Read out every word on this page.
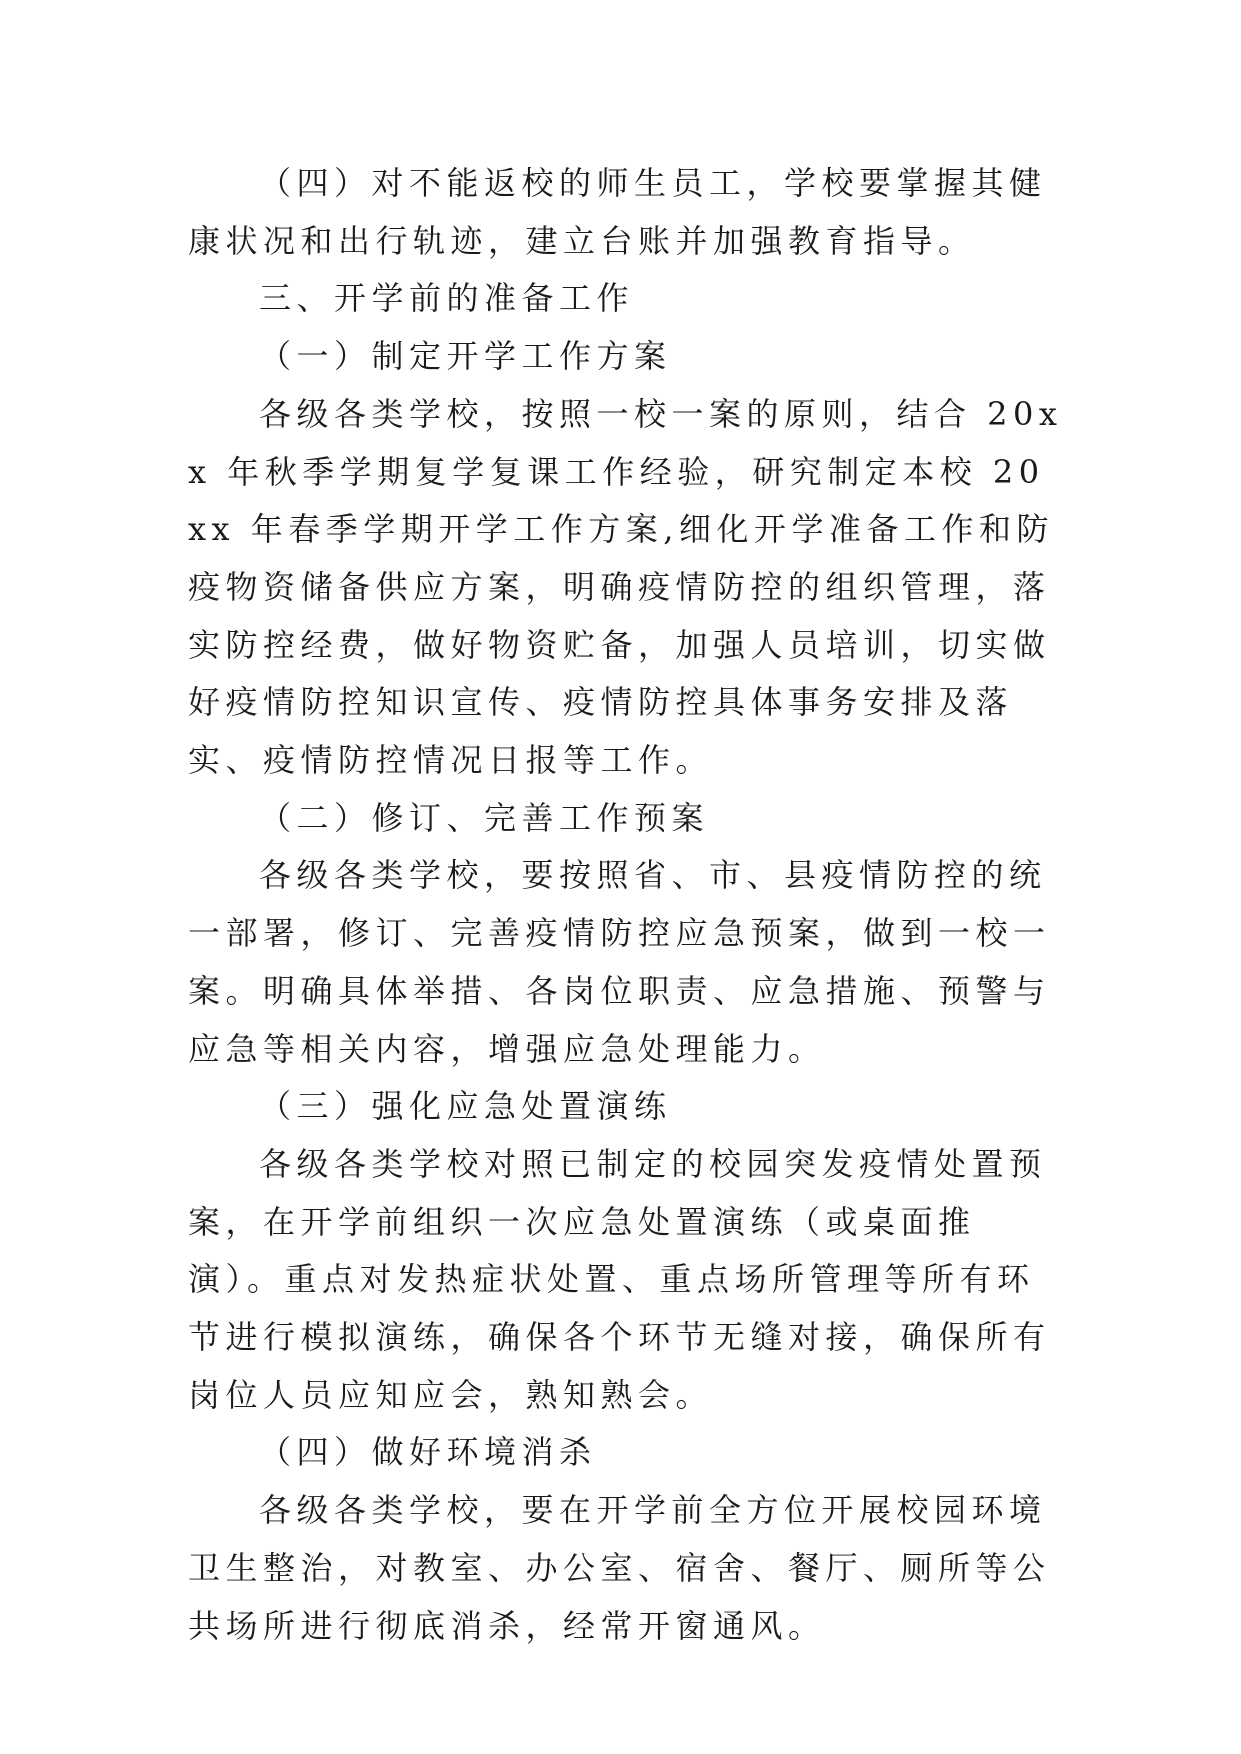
（四）对不能返校的师生员工，学校要掌握其健康状况和出行轨迹，建立台账并加强教育指导。

三、开学前的准备工作

（一）制定开学工作方案

各级各类学校，按照一校一案的原则，结合 20xx 年秋季学期复学复课工作经验，研究制定本校 20xx 年春季学期开学工作方案,细化开学准备工作和防疫物资储备供应方案，明确疫情防控的组织管理，落实防控经费，做好物资贮备，加强人员培训，切实做好疫情防控知识宣传、疫情防控具体事务安排及落实、疫情防控情况日报等工作。

（二）修订、完善工作预案

各级各类学校，要按照省、市、县疫情防控的统一部署，修订、完善疫情防控应急预案，做到一校一案。明确具体举措、各岗位职责、应急措施、预警与应急等相关内容，增强应急处理能力。

（三）强化应急处置演练

各级各类学校对照已制定的校园突发疫情处置预案，在开学前组织一次应急处置演练（或桌面推演）。重点对发热症状处置、重点场所管理等所有环节进行模拟演练，确保各个环节无缝对接，确保所有岗位人员应知应会，熟知熟会。

（四）做好环境消杀

各级各类学校，要在开学前全方位开展校园环境卫生整治，对教室、办公室、宿舍、餐厅、厕所等公共场所进行彻底消杀，经常开窗通风。
